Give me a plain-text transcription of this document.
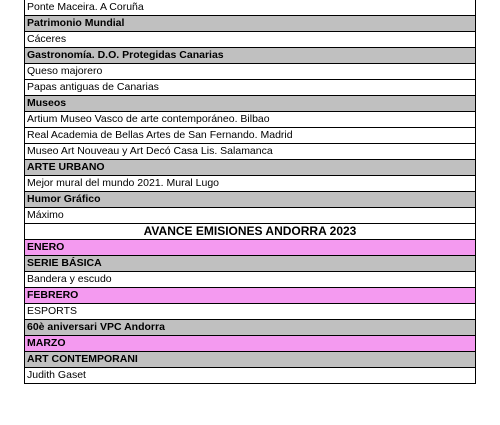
Ponte Maceira. A Coruña
Patrimonio Mundial
Cáceres
Gastronomía. D.O. Protegidas Canarias
Queso majorero
Papas antiguas de Canarias
Museos
Artium Museo Vasco de arte contemporáneo. Bilbao
Real Academia de Bellas Artes de San Fernando. Madrid
Museo Art Nouveau y Art Decó Casa Lis. Salamanca
ARTE URBANO
Mejor mural del mundo 2021. Mural Lugo
Humor Gráfico
Máximo
AVANCE EMISIONES ANDORRA 2023
ENERO
SERIE BÁSICA
Bandera y escudo
FEBRERO
ESPORTS
60è aniversari VPC Andorra
MARZO
ART CONTEMPORANI
Judith Gaset
